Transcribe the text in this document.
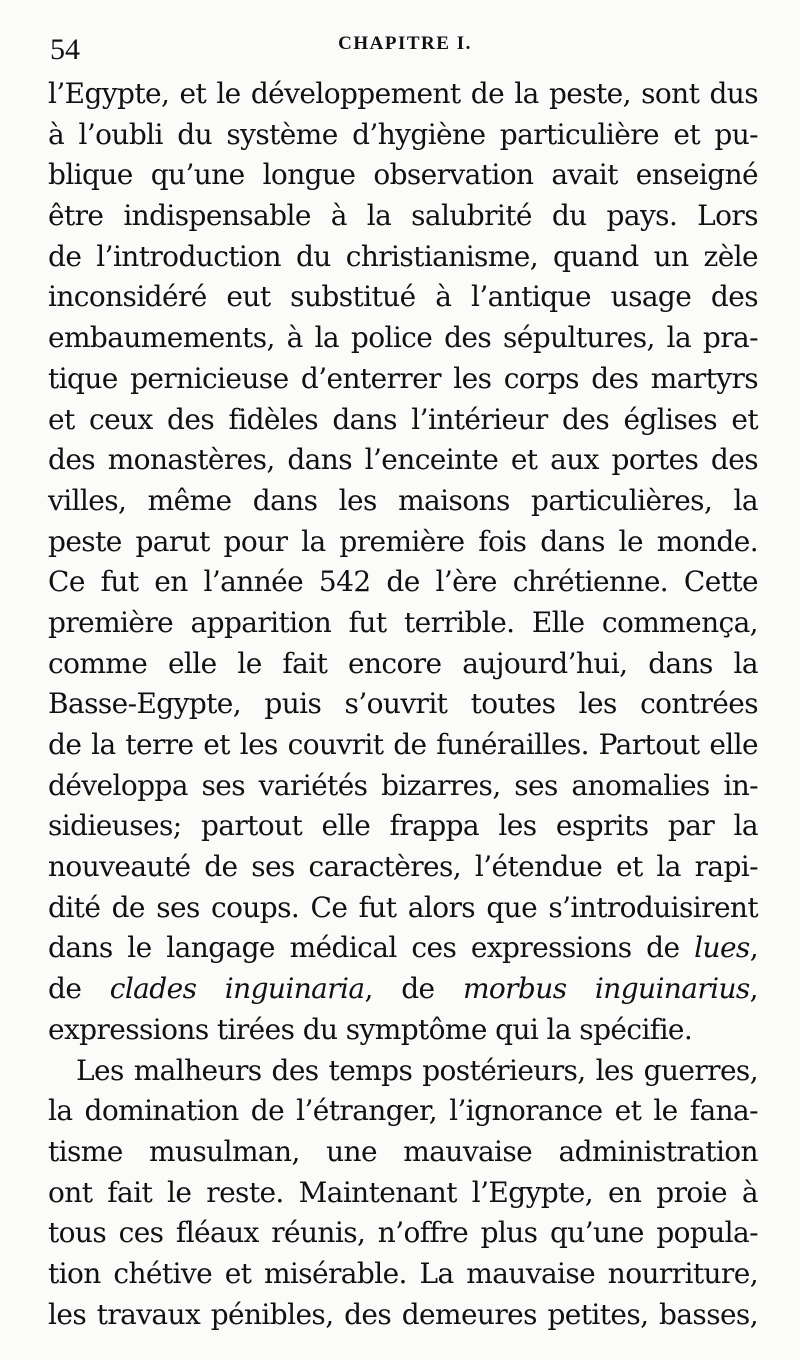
54	CHAPITRE I.
l’Egypte, et le développement de la peste, sont dus
à l’oubli du système d’hygiène particulière et pu-
blique qu’une longue observation avait enseigné
être indispensable à la salubrité du pays. Lors
de l’introduction du christianisme, quand un zèle
inconsidéré eut substitué à l’antique usage des
embaumements, à la police des sépultures, la pra-
tique pernicieuse d’enterrer les corps des martyrs
et ceux des fidèles dans l’intérieur des églises et
des monastères, dans l’enceinte et aux portes des
villes, même dans les maisons particulières, la
peste parut pour la première fois dans le monde.
Ce fut en l’année 542 de l’ère chrétienne. Cette
première apparition fut terrible. Elle commença,
comme elle le fait encore aujourd’hui, dans la
Basse-Egypte, puis s’ouvrit toutes les contrées
de la terre et les couvrit de funérailles. Partout elle
développa ses variétés bizarres, ses anomalies in-
sidieuses; partout elle frappa les esprits par la
nouveauté de ses caractères, l’étendue et la rapi-
dité de ses coups. Ce fut alors que s’introduisirent
dans le langage médical ces expressions de lues,
de clades inguinaria, de morbus inguinarius,
expressions tirées du symptôme qui la spécifie.
Les malheurs des temps postérieurs, les guerres,
la domination de l’étranger, l’ignorance et le fana-
tisme musulman, une mauvaise administration
ont fait le reste. Maintenant l’Egypte, en proie à
tous ces fléaux réunis, n’offre plus qu’une popula-
tion chétive et misérable. La mauvaise nourriture,
les travaux pénibles, des demeures petites, basses,
